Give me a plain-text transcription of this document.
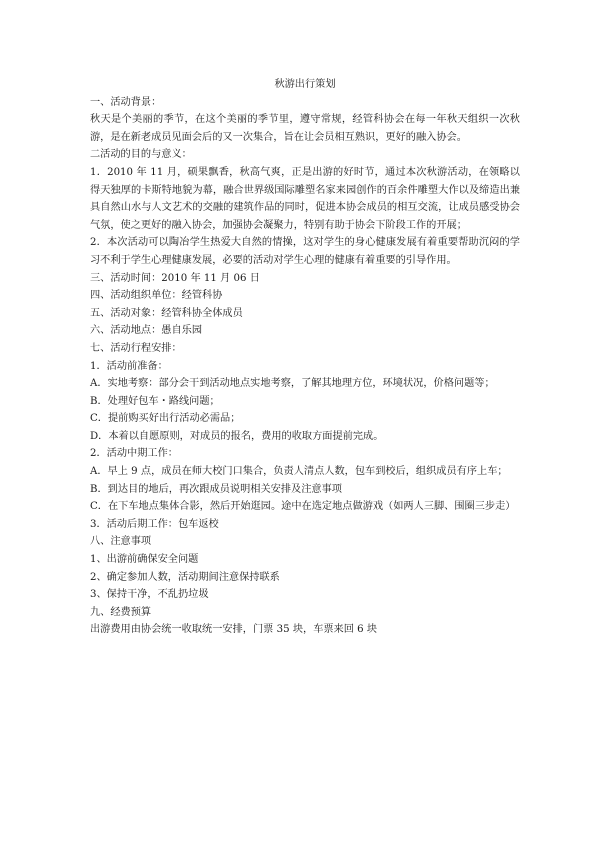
秋游出行策划

一、活动背景：

秋天是个美丽的季节，在这个美丽的季节里，遵守常规，经管科协会在每一年秋天组织一次秋游，是在新老成员见面会后的又一次集合，旨在让会员相互熟识，更好的融入协会。

二活动的目的与意义：

1．2010 年 11 月，硕果飘香，秋高气爽，正是出游的好时节，通过本次秋游活动，在领略以得天独厚的卡斯特地貌为幕，融合世界级国际雕塑名家来园创作的百余件雕塑大作以及缔造出兼具自然山水与人文艺术的交融的建筑作品的同时，促进本协会成员的相互交流，让成员感受协会气氛，使之更好的融入协会，加强协会凝聚力，特别有助于协会下阶段工作的开展；

2．本次活动可以陶冶学生热爱大自然的情操，这对学生的身心健康发展有着重要帮助沉闷的学习不利于学生心理健康发展，必要的活动对学生心理的健康有着重要的引导作用。

三、活动时间：2010 年 11 月 06 日

四、活动组织单位：经管科协

五、活动对象：经管科协全体成员

六、活动地点：愚自乐园

七、活动行程安排：

1．活动前准备：

A．实地考察：部分会干到活动地点实地考察，了解其地理方位，环境状况，价格问题等；

B．处理好包车・路线问题；

C．提前购买好出行活动必需品；

D．本着以自愿原则，对成员的报名，费用的收取方面提前完成。

2．活动中期工作：

A．早上 9 点，成员在师大校门口集合，负责人清点人数，包车到校后，组织成员有序上车；

B．到达目的地后，再次跟成员说明相关安排及注意事项

C．在下车地点集体合影，然后开始逛园。途中在选定地点做游戏（如两人三脚、围圈三步走）

3．活动后期工作：包车返校

八、注意事项

1、出游前确保安全问题

2、确定参加人数，活动期间注意保持联系

3、保持干净，不乱扔垃圾

九、经费预算

出游费用由协会统一收取统一安排，门票 35 块，车票来回 6 块
